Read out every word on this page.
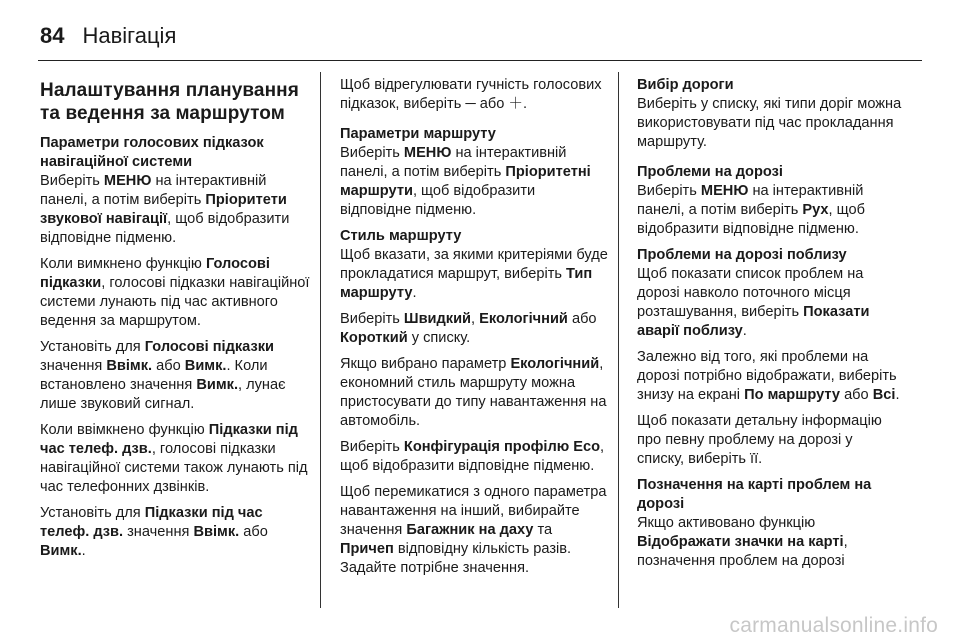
84 Навігація
Налаштування планування та ведення за маршрутом
Параметри голосових підказок навігаційної системи

Виберіть МЕНЮ на інтерактивній панелі, а потім виберіть Пріоритети звукової навігації, щоб відобразити відповідне підменю.

Коли вимкнено функцію Голосові підказки, голосові підказки навігаційної системи лунають під час активного ведення за маршрутом.

Установіть для Голосові підказки значення Ввімк. або Вимк.. Коли встановлено значення Вимк., лунає лише звуковий сигнал.

Коли ввімкнено функцію Підказки під час телеф. дзв., голосові підказки навігаційної системи також лунають під час телефонних дзвінків.

Установіть для Підказки під час телеф. дзв. значення Ввімк. або Вимк..

Щоб відрегулювати гучність голосових підказок, виберіть ─ або ＋.

Параметри маршруту

Виберіть МЕНЮ на інтерактивній панелі, а потім виберіть Пріоритетні маршрути, щоб відобразити відповідне підменю.

Стиль маршруту

Щоб вказати, за якими критеріями буде прокладатися маршрут, виберіть Тип маршруту.

Виберіть Швидкий, Екологічний або Короткий у списку.

Якщо вибрано параметр Екологічний, економний стиль маршруту можна пристосувати до типу навантаження на автомобіль.

Виберіть Конфігурація профілю Eco, щоб відобразити відповідне підменю.

Щоб перемикатися з одного параметра навантаження на інший, вибирайте значення Багажник на даху та Причеп відповідну кількість разів. Задайте потрібне значення.

Вибір дороги

Виберіть у списку, які типи доріг можна використовувати під час прокладання маршруту.

Проблеми на дорозі

Виберіть МЕНЮ на інтерактивній панелі, а потім виберіть Рух, щоб відобразити відповідне підменю.

Проблеми на дорозі поблизу

Щоб показати список проблем на дорозі навколо поточного місця розташування, виберіть Показати аварії поблизу.

Залежно від того, які проблеми на дорозі потрібно відображати, виберіть знизу на екрані По маршруту або Всі.

Щоб показати детальну інформацію про певну проблему на дорозі у списку, виберіть її.

Позначення на карті проблем на дорозі

Якщо активовано функцію Відображати значки на карті, позначення проблем на дорозі

carmanualsonline.info
